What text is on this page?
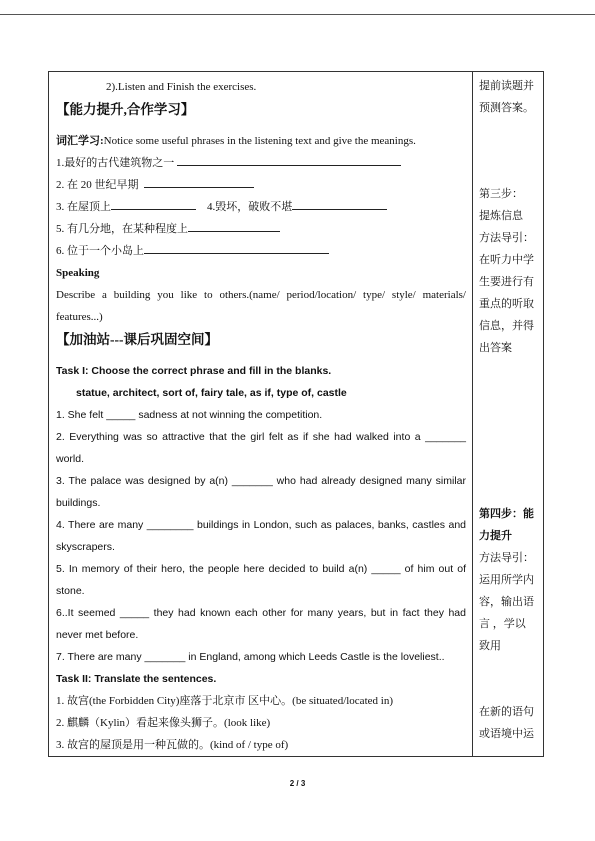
2).Listen and Finish the exercises.
【能力提升,合作学习】
词汇学习:Notice some useful phrases in the listening text and give the meanings.
1.最好的古代建筑物之一
2. 在 20 世纪早期
3. 在屋顶上	4.毁坏，破败不堪
5. 有几分地，在某种程度上
6. 位于一个小岛上
Speaking
Describe a building you like to others.(name/ period/location/ type/ style/ materials/ features...)
【加油站---课后巩固空间】
Task I: Choose the correct phrase and fill in the blanks.
statue, architect, sort of, fairy tale, as if, type of, castle
1. She felt _____ sadness at not winning the competition.
2. Everything was so attractive that the girl felt as if she had walked into a _______ world.
3. The palace was designed by a(n) _______ who had already designed many similar buildings.
4. There are many ________ buildings in London, such as palaces, banks, castles and skyscrapers.
5. In memory of their hero, the people here decided to build a(n) _____ of him out of stone.
6..It seemed _____ they had known each other for many years, but in fact they had never met before.
7. There are many _______ in England, among which Leeds Castle is the loveliest..
Task II: Translate the sentences.
1. 故宫(the Forbidden City)座落于北京市 区中心。(be situated/located in)
2. 麒麟（Kylin）看起来像头狮子。(look like)
3. 故宫的屋顶是用一种瓦做的。(kind of / type of)
提前读题并
预测答案。
第三步：
提炼信息
方法导引：
在听力中学
生要进行有
重点的听取
信息，并得
出答案
第四步：能
力提升
方法导引：
运用所学内
容，输出语
言 ，学以
致用
在新的语句
或语境中运
2 / 3
